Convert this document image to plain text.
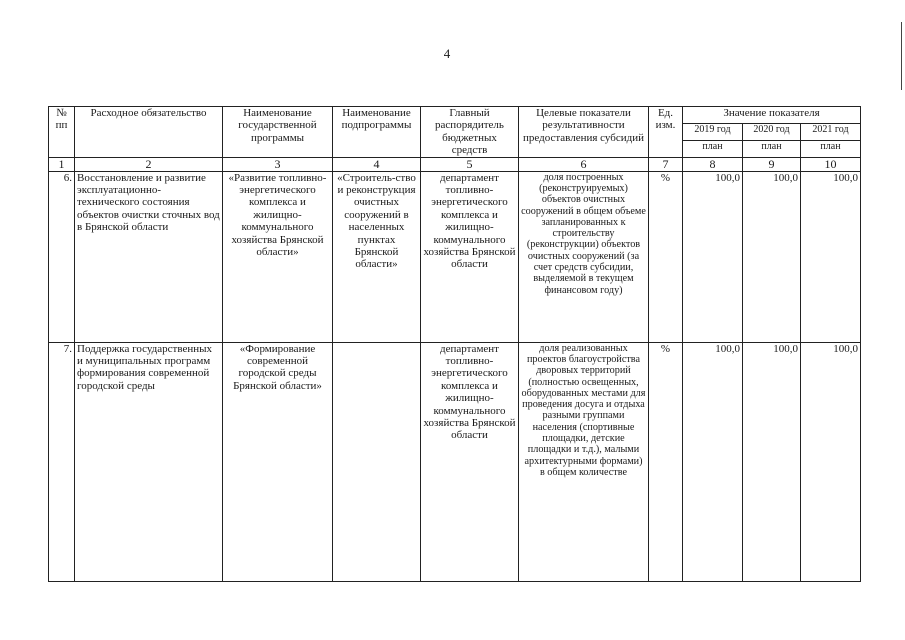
4
№ пп	Расходное обязательство	Наименование государственной программы	Наименование подпрограммы	Главный распорядитель бюджетных средств	Целевые показатели результативности предоставления субсидий	Ед. изм.	Значение показателя		
							2019 год	2020 год	2021 год
							план	план	план
1	2	3	4	5	6	7	8	9	10
6.	Восстановление и развитие эксплуатационно-технического состояния объектов очистки сточных вод в Брянской области	«Развитие топливно-энергетического комплекса и жилищно-коммунального хозяйства Брянской области»	«Строитель-ство и реконструкция очистных сооружений в населенных пунктах Брянской области»	департамент топливно-энергетического комплекса и жилищно-коммунального хозяйства Брянской области	доля построенных (реконструируемых) объектов очистных сооружений в общем объеме запланированных к строительству (реконструкции) объектов очистных сооружений (за счет средств субсидии, выделяемой в текущем финансовом году)	%	100,0	100,0	100,0
7.	Поддержка государственных и муниципальных программ формирования современной городской среды	«Формирование современной городской среды Брянской области»		департамент топливно-энергетического комплекса и жилищно-коммунального хозяйства Брянской области	доля реализованных проектов благоустройства дворовых территорий (полностью освещенных, оборудованных местами для проведения досуга и отдыха разными группами населения (спортивные площадки, детские площадки и т.д.), малыми архитектурными формами) в общем количестве	%	100,0	100,0	100,0
